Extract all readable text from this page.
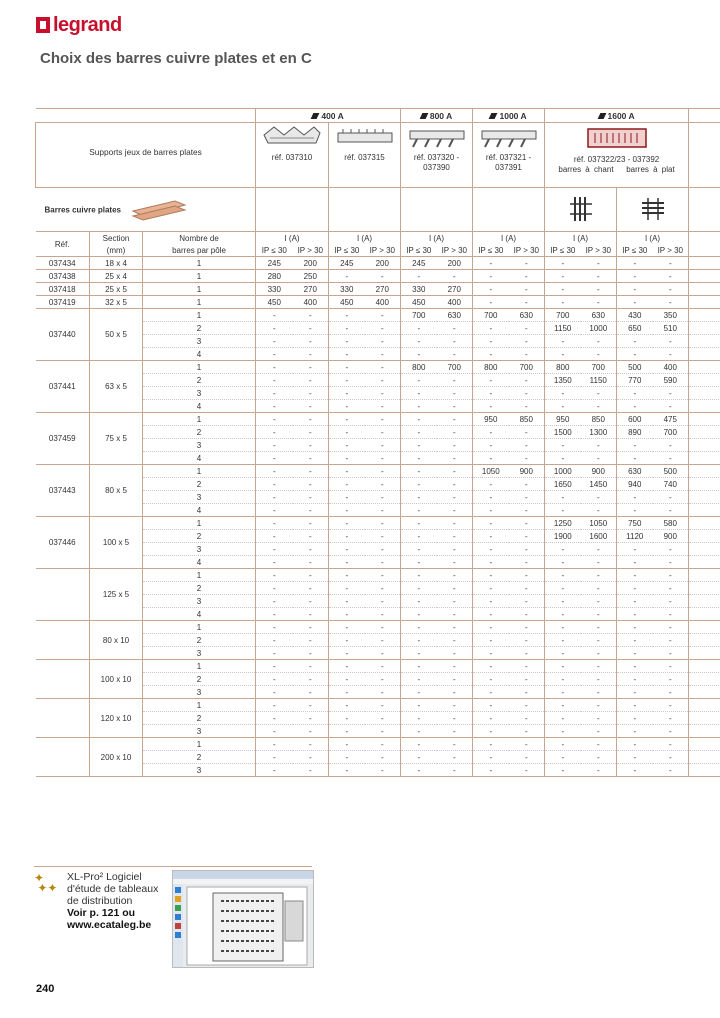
legrand
Choix des barres cuivre plates et en C
			400 A				800 A		1000 A		1600 A				

Supports jeux de barres plates			réf. 037310		réf. 037315		réf. 037320 -
037390		réf. 037321 -
037391		réf. 037322/23 - 037392
barres à chant barres à plat				

Barres cuivre plates							
Réf.	Section	Nombre de	I (A)		I (A)		I (A)		I (A)		I (A)		I (A)		
	(mm)	barres par pôle	IP ≤ 30	IP > 30	IP ≤ 30	IP > 30	IP ≤ 30	IP > 30	IP ≤ 30	IP > 30	IP ≤ 30	IP > 30	IP ≤ 30	IP > 30	
037434	18 x 4	1	245	200	245	200	245	200	-	-	-	-	-	-	
037438	25 x 4	1	280	250	-	-	-	-	-	-	-	-	-	-	
037418	25 x 5	1	330	270	330	270	330	270	-	-	-	-	-	-	
037419	32 x 5	1	450	400	450	400	450	400	-	-	-	-	-	-	
037440	50 x 5	1	-	-	-	-	700	630	700	630	700	630	430	350	
		2	-	-	-	-	-	-	-	-	1150	1000	650	510	
		3	-	-	-	-	-	-	-	-	-	-	-	-	
		4	-	-	-	-	-	-	-	-	-	-	-	-	
037441	63 x 5	1	-	-	-	-	800	700	800	700	800	700	500	400	
		2	-	-	-	-	-	-	-	-	1350	1150	770	590	
		3	-	-	-	-	-	-	-	-	-	-	-	-	
		4	-	-	-	-	-	-	-	-	-	-	-	-	
037459	75 x 5	1	-	-	-	-	-	-	950	850	950	850	600	475	
		2	-	-	-	-	-	-	-	-	1500	1300	890	700	
		3	-	-	-	-	-	-	-	-	-	-	-	-	
		4	-	-	-	-	-	-	-	-	-	-	-	-	
037443	80 x 5	1	-	-	-	-	-	-	1050	900	1000	900	630	500	
		2	-	-	-	-	-	-	-	-	1650	1450	940	740	
		3	-	-	-	-	-	-	-	-	-	-	-	-	
		4	-	-	-	-	-	-	-	-	-	-	-	-	
037446	100 x 5	1	-	-	-	-	-	-	-	-	1250	1050	750	580	
		2	-	-	-	-	-	-	-	-	1900	1600	1120	900	
		3	-	-	-	-	-	-	-	-	-	-	-	-	
		4	-	-	-	-	-	-	-	-	-	-	-	-	
	125 x 5	1	-	-	-	-	-	-	-	-	-	-	-	-	
		2	-	-	-	-	-	-	-	-	-	-	-	-	
		3	-	-	-	-	-	-	-	-	-	-	-	-	
		4	-	-	-	-	-	-	-	-	-	-	-	-	
	80 x 10	1	-	-	-	-	-	-	-	-	-	-	-	-	
		2	-	-	-	-	-	-	-	-	-	-	-	-	
		3	-	-	-	-	-	-	-	-	-	-	-	-	
	100 x 10	1	-	-	-	-	-	-	-	-	-	-	-	-	
		2	-	-	-	-	-	-	-	-	-	-	-	-	
		3	-	-	-	-	-	-	-	-	-	-	-	-	
	120 x 10	1	-	-	-	-	-	-	-	-	-	-	-	-	
		2	-	-	-	-	-	-	-	-	-	-	-	-	
		3	-	-	-	-	-	-	-	-	-	-	-	-	
	200 x 10	1	-	-	-	-	-	-	-	-	-	-	-	-	
		2	-	-	-	-	-	-	-	-	-	-	-	-	
		3	-	-	-	-	-	-	-	-	-	-	-	-	
✦
✦✦
XL-Pro² Logiciel
d'étude de tableaux
de distribution
Voir p. 121 ou
www.ecataleg.be
240
